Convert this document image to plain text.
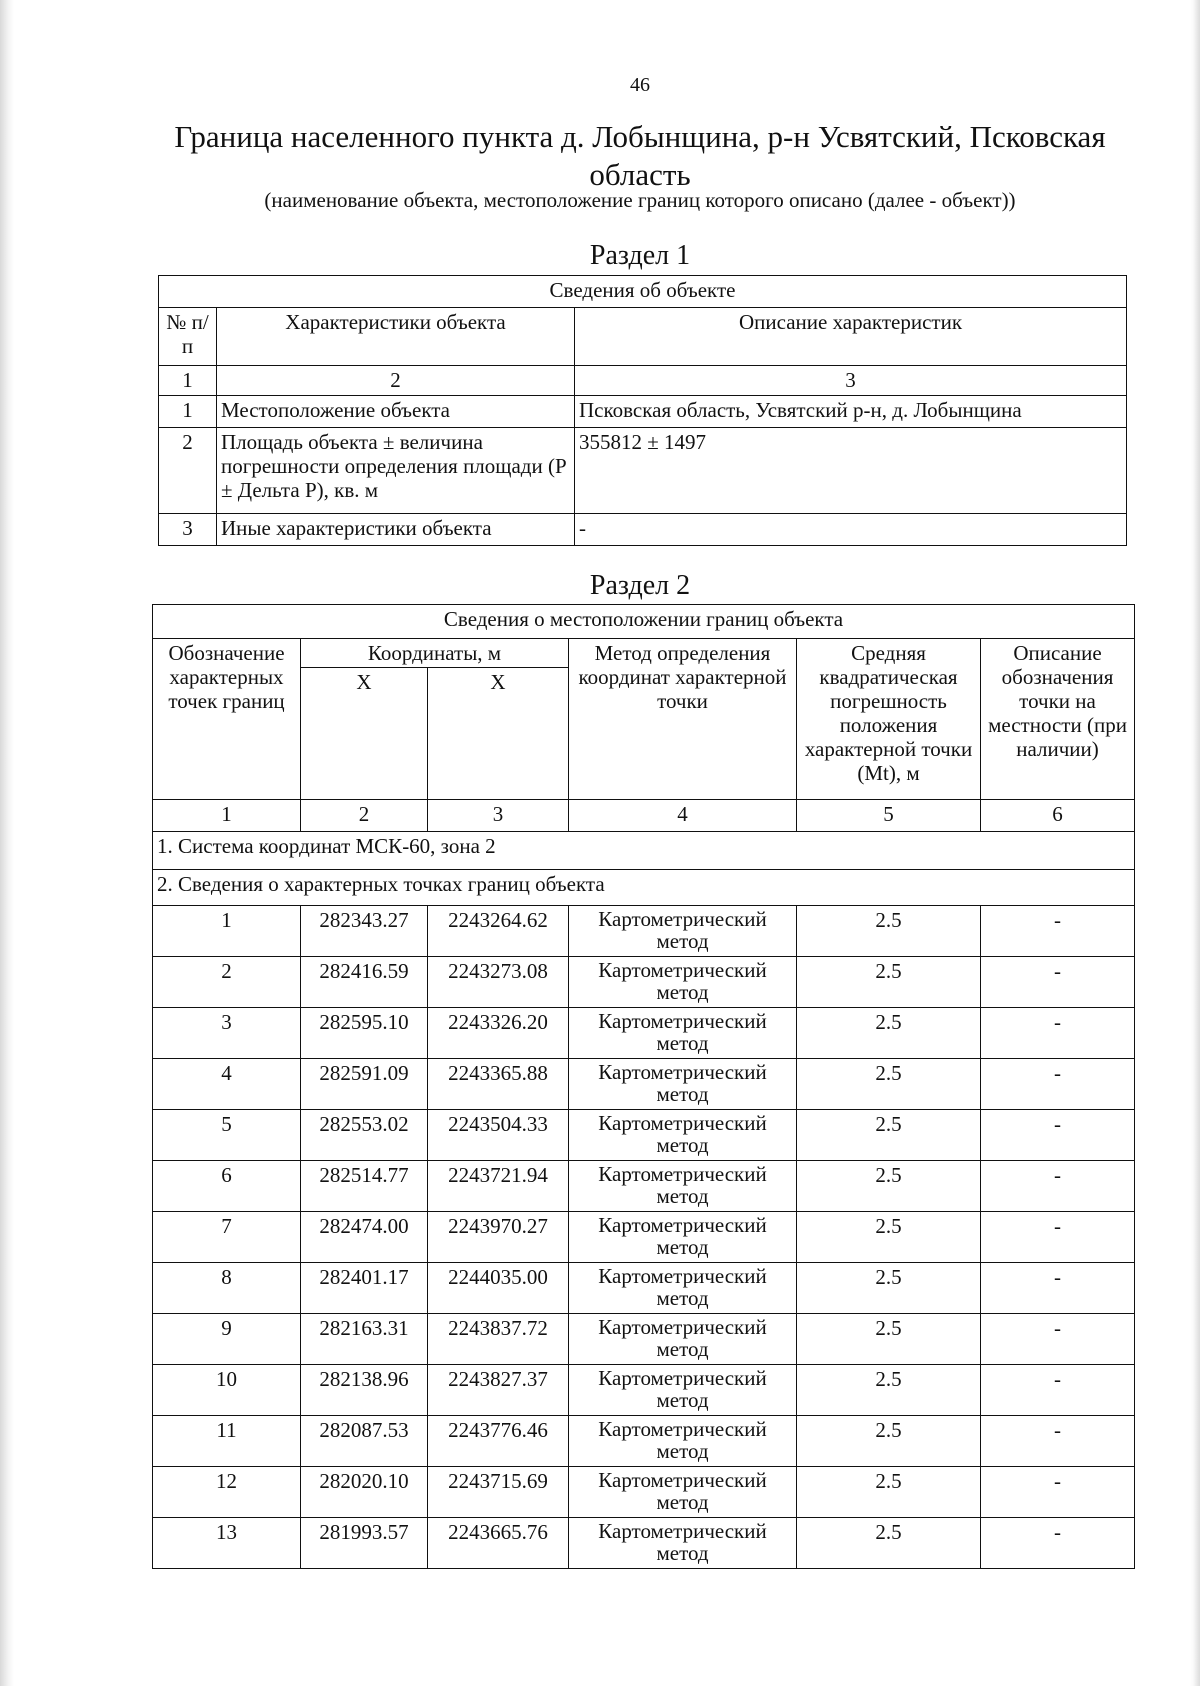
46
Граница населенного пункта д. Лобынщина, р-н Усвятский, Псковская область
(наименование объекта, местоположение границ которого описано (далее - объект))
Раздел 1
Сведения об объекте		
№ п/п	Характеристики объекта	Описание характеристик
1	2	3
1	Местоположение объекта	Псковская область, Усвятский р-н, д. Лобынщина
2	Площадь объекта ± величина погрешности определения площади (Р ± Дельта Р), кв. м	355812 ± 1497
3	Иные характеристики объекта	-
Раздел 2
Сведения о местоположении границ объекта					
Обозначение характерных точек границ	Координаты, м		Метод определения координат характерной точки	Средняя квадратическая погрешность положения характерной точки (Mt), м	Описание обозначения точки на местности (при наличии)
	X	Х			
1	2	3	4	5	6
1. Система координат МСК-60, зона 2					
2. Сведения о характерных точках границ объекта					
1	282343.27	2243264.62	Картометрический метод	2.5	-
2	282416.59	2243273.08	Картометрический метод	2.5	-
3	282595.10	2243326.20	Картометрический метод	2.5	-
4	282591.09	2243365.88	Картометрический метод	2.5	-
5	282553.02	2243504.33	Картометрический метод	2.5	-
6	282514.77	2243721.94	Картометрический метод	2.5	-
7	282474.00	2243970.27	Картометрический метод	2.5	-
8	282401.17	2244035.00	Картометрический метод	2.5	-
9	282163.31	2243837.72	Картометрический метод	2.5	-
10	282138.96	2243827.37	Картометрический метод	2.5	-
11	282087.53	2243776.46	Картометрический метод	2.5	-
12	282020.10	2243715.69	Картометрический метод	2.5	-
13	281993.57	2243665.76	Картометрический метод	2.5	-
